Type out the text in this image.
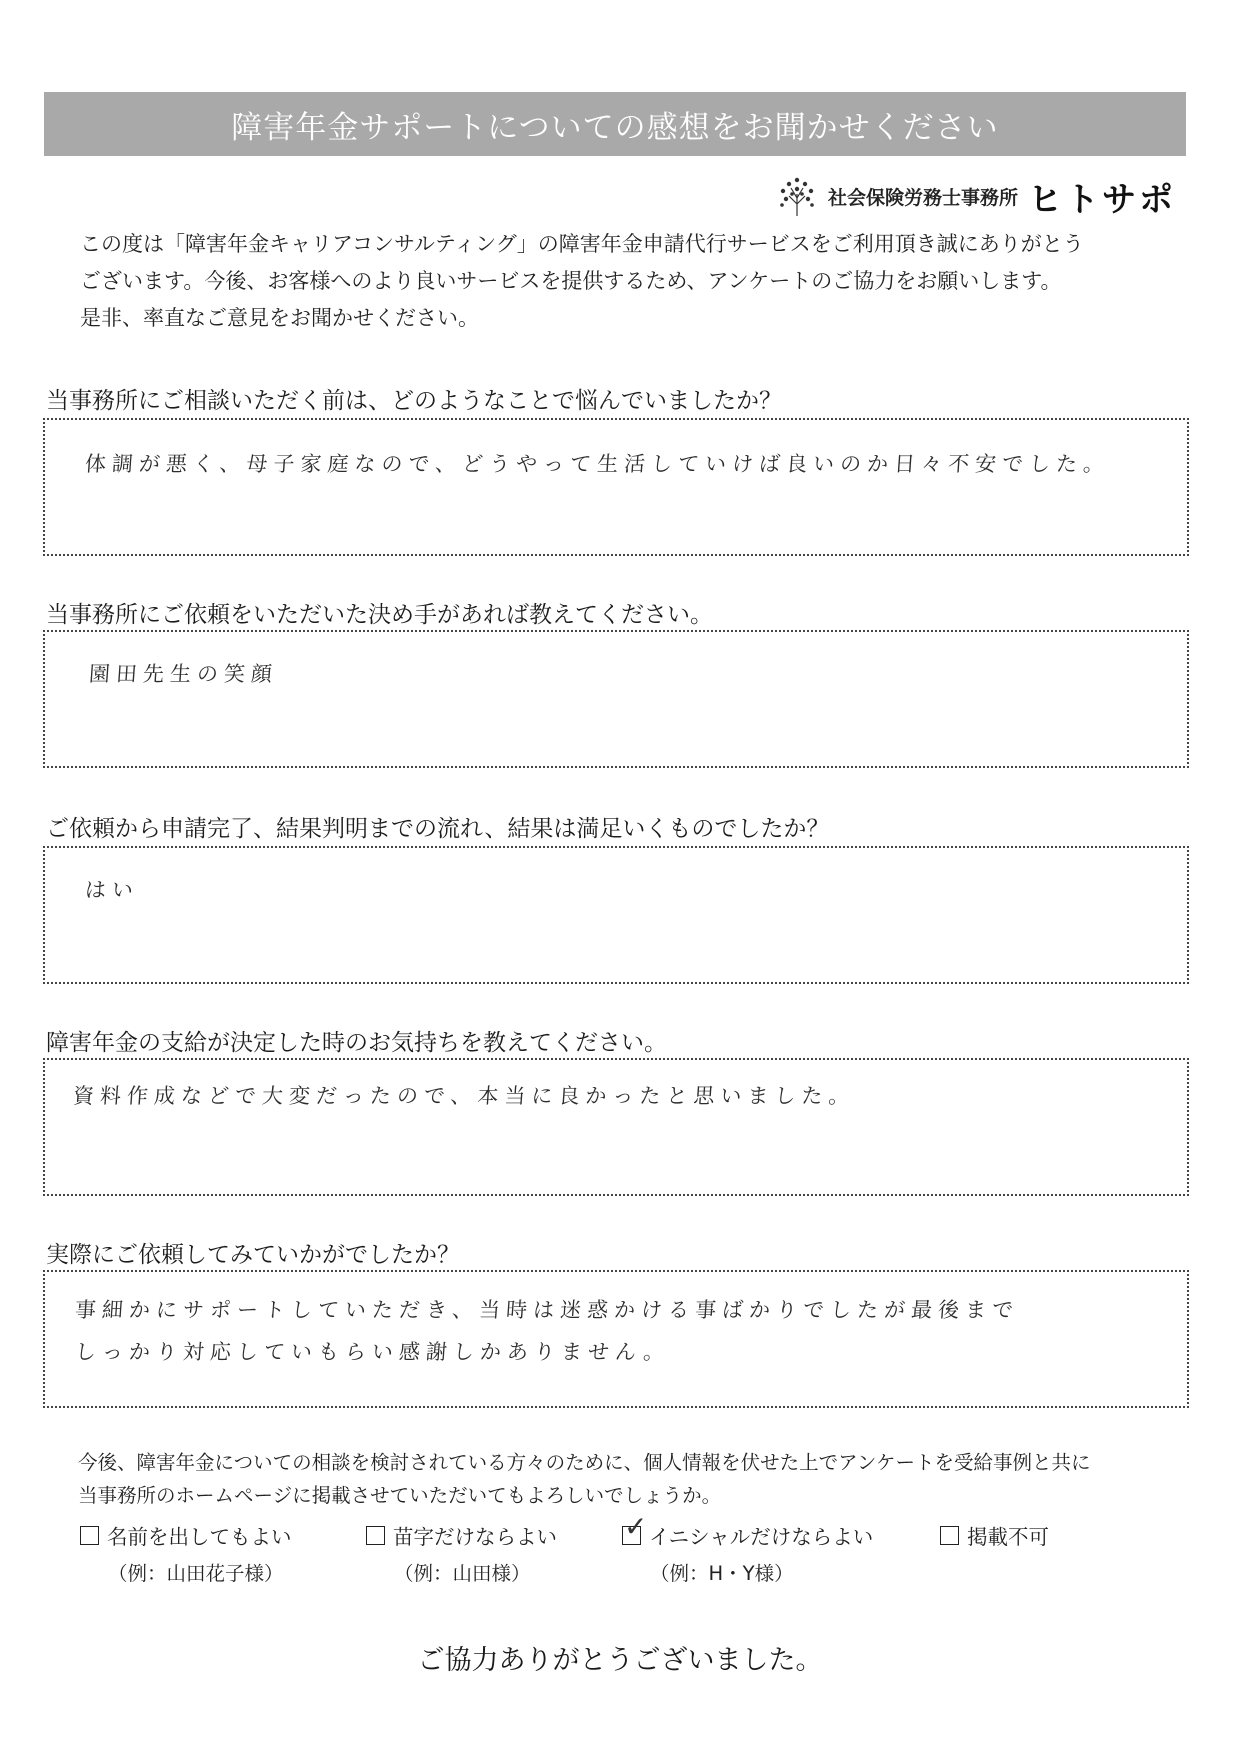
障害年金サポートについての感想をお聞かせください
社会保険労務士事務所 ヒトサポ

この度は「障害年金キャリアコンサルティング」の障害年金申請代行サービスをご利用頂き誠にありがとう

ございます。今後、お客様へのより良いサービスを提供するため、アンケートのご協力をお願いします。

是非、率直なご意見をお聞かせください。

当事務所にご相談いただく前は、どのようなことで悩んでいましたか？
体調が悪く、母子家庭なので、どうやって生活していけば良いのか日々不安でした。
当事務所にご依頼をいただいた決め手があれば教えてください。
園田先生の笑顔
ご依頼から申請完了、結果判明までの流れ、結果は満足いくものでしたか？
はい
障害年金の支給が決定した時のお気持ちを教えてください。
資料作成などで大変だったので、本当に良かったと思いました。
実際にご依頼してみていかがでしたか？
事細かにサポートしていただき、当時は迷惑かける事ばかりでしたが最後まで
しっかり対応していもらい感謝しかありません。

今後、障害年金についての相談を検討されている方々のために、個人情報を伏せた上でアンケートを受給事例と共に

当事務所のホームページに掲載させていただいてもよろしいでしょうか。

名前を出してもよい
（例：山田花子様）
苗字だけならよい
（例：山田様）
✓ イニシャルだけならよい
（例：H・Y様）
掲載不可
ご協力ありがとうございました。
